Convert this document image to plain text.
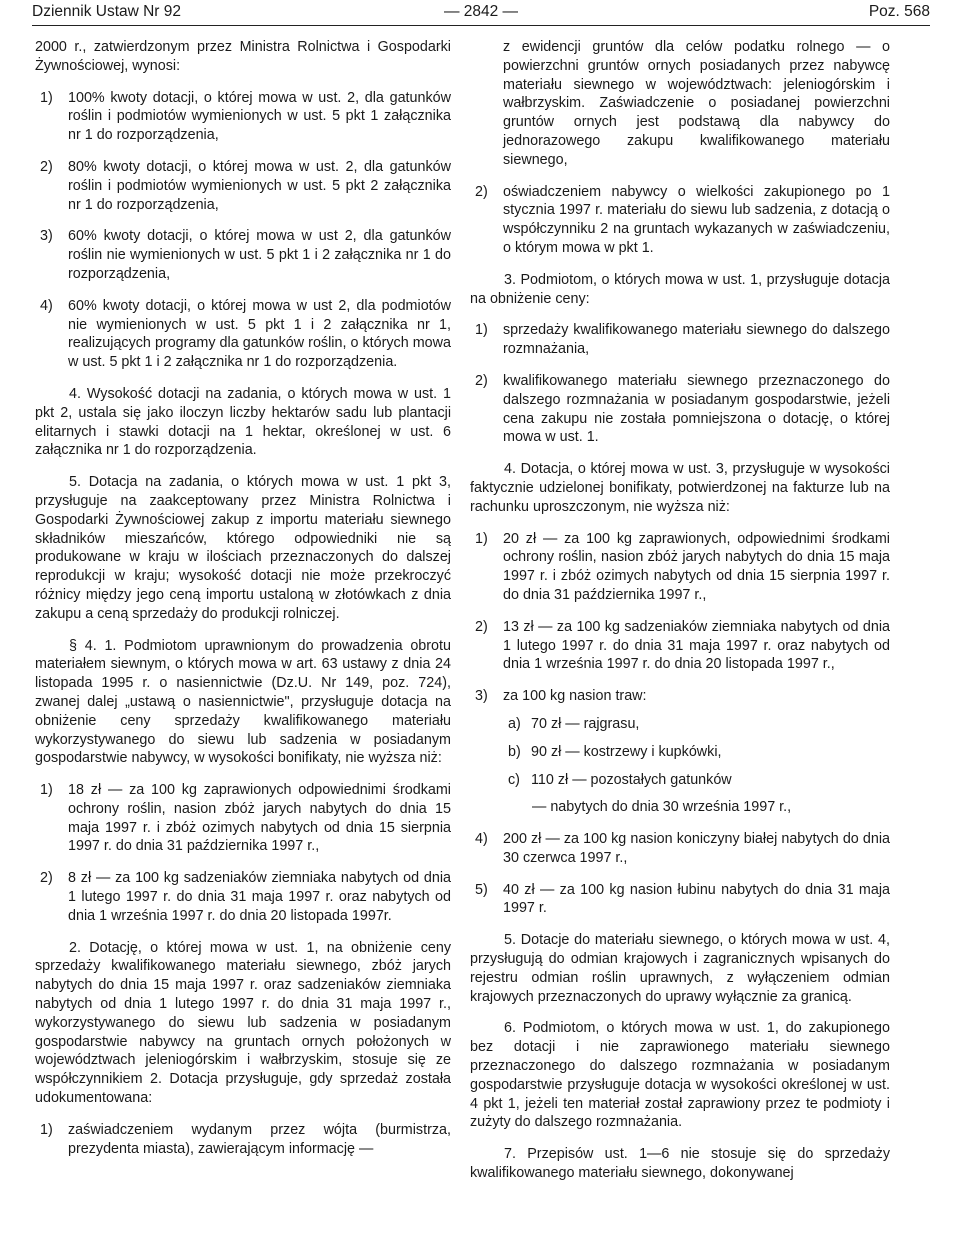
Dziennik Ustaw Nr 92	— 2842 —	Poz. 568

2000 r., zatwierdzonym przez Ministra Rolnictwa i Gospodarki Żywnościowej, wynosi:

1)	100% kwoty dotacji, o której mowa w ust. 2, dla gatunków roślin i podmiotów wymienionych w ust. 5 pkt 1 załącznika nr 1 do rozporządzenia,
2)	80% kwoty dotacji, o której mowa w ust. 2, dla gatunków roślin i podmiotów wymienionych w ust. 5 pkt 2 załącznika nr 1 do rozporządzenia,
3)	60% kwoty dotacji, o której mowa w ust 2, dla gatunków roślin nie wymienionych w ust. 5 pkt 1 i 2 załącznika nr 1 do rozporządzenia,
4)	60% kwoty dotacji, o której mowa w ust 2, dla podmiotów nie wymienionych w ust. 5 pkt 1 i 2 załącznika nr 1, realizujących programy dla gatunków roślin, o których mowa w ust. 5 pkt 1 i 2 załącznika nr 1 do rozporządzenia.

4. Wysokość dotacji na zadania, o których mowa w ust. 1 pkt 2, ustala się jako iloczyn liczby hektarów sadu lub plantacji elitarnych i stawki dotacji na 1 hektar, określonej w ust. 6 załącznika nr 1 do rozporządzenia.

5. Dotacja na zadania, o których mowa w ust. 1 pkt 3, przysługuje na zaakceptowany przez Ministra Rolnictwa i Gospodarki Żywnościowej zakup z importu materiału siewnego składników mieszańców, którego odpowiedniki nie są produkowane w kraju w ilościach przeznaczonych do dalszej reprodukcji w kraju; wysokość dotacji nie może przekroczyć różnicy między jego ceną importu ustaloną w złotówkach z dnia zakupu a ceną sprzedaży do produkcji rolniczej.

§ 4. 1. Podmiotom uprawnionym do prowadzenia obrotu materiałem siewnym, o których mowa w art. 63 ustawy z dnia 24 listopada 1995 r. o nasiennictwie (Dz.U. Nr 149, poz. 724), zwanej dalej „ustawą o nasiennictwie", przysługuje dotacja na obniżenie ceny sprzedaży kwalifikowanego materiału wykorzystywanego do siewu lub sadzenia w posiadanym gospodarstwie nabywcy, w wysokości bonifikaty, nie wyższa niż:

1)	18 zł — za 100 kg zaprawionych odpowiednimi środkami ochrony roślin, nasion zbóż jarych nabytych do dnia 15 maja 1997 r. i zbóż ozimych nabytych od dnia 15 sierpnia 1997 r. do dnia 31 października 1997 r.,
2)	8 zł — za 100 kg sadzeniaków ziemniaka nabytych od dnia 1 lutego 1997 r. do dnia 31 maja 1997 r. oraz nabytych od dnia 1 września 1997 r. do dnia 20 listopada 1997r.

2. Dotację, o której mowa w ust. 1, na obniżenie ceny sprzedaży kwalifikowanego materiału siewnego, zbóż jarych nabytych do dnia 15 maja 1997 r. oraz sadzeniaków ziemniaka nabytych od dnia 1 lutego 1997 r. do dnia 31 maja 1997 r., wykorzystywanego do siewu lub sadzenia w posiadanym gospodarstwie nabywcy na gruntach ornych położonych w województwach jeleniogórskim i wałbrzyskim, stosuje się ze współczynnikiem 2. Dotacja przysługuje, gdy sprzedaż została udokumentowana:

1)	zaświadczeniem wydanym przez wójta (burmistrza, prezydenta miasta), zawierającym informację —

z ewidencji gruntów dla celów podatku rolnego — o powierzchni gruntów ornych posiadanych przez nabywcę materiału siewnego w województwach: jeleniogórskim i wałbrzyskim. Zaświadczenie o posiadanej powierzchni gruntów ornych jest podstawą dla nabywcy do jednorazowego zakupu kwalifikowanego materiału siewnego,

2)	oświadczeniem nabywcy o wielkości zakupionego po 1 stycznia 1997 r. materiału do siewu lub sadzenia, z dotacją o współczynniku 2 na gruntach wykazanych w zaświadczeniu, o którym mowa w pkt 1.

3. Podmiotom, o których mowa w ust. 1, przysługuje dotacja na obniżenie ceny:

1)	sprzedaży kwalifikowanego materiału siewnego do dalszego rozmnażania,
2)	kwalifikowanego materiału siewnego przeznaczonego do dalszego rozmnażania w posiadanym gospodarstwie, jeżeli cena zakupu nie została pomniejszona o dotację, o której mowa w ust. 1.

4. Dotacja, o której mowa w ust. 3, przysługuje w wysokości faktycznie udzielonej bonifikaty, potwierdzonej na fakturze lub na rachunku uproszczonym, nie wyższa niż:

1)	20 zł — za 100 kg zaprawionych, odpowiednimi środkami ochrony roślin, nasion zbóż jarych nabytych do dnia 15 maja 1997 r. i zbóż ozimych nabytych od dnia 15 sierpnia 1997 r. do dnia 31 października 1997 r.,
2)	13 zł — za 100 kg sadzeniaków ziemniaka nabytych od dnia 1 lutego 1997 r. do dnia 31 maja 1997 r. oraz nabytych od dnia 1 września 1997 r. do dnia 20 listopada 1997 r.,
3)	za 100 kg nasion traw:
a) 70 zł — rajgrasu,
b) 90 zł — kostrzewy i kupkówki,
c) 110 zł — pozostałych gatunków
— nabytych do dnia 30 września 1997 r.,
4)	200 zł — za 100 kg nasion koniczyny białej nabytych do dnia 30 czerwca 1997 r.,
5)	40 zł — za 100 kg nasion łubinu nabytych do dnia 31 maja 1997 r.

5. Dotacje do materiału siewnego, o których mowa w ust. 4, przysługują do odmian krajowych i zagranicznych wpisanych do rejestru odmian roślin uprawnych, z wyłączeniem odmian krajowych przeznaczonych do uprawy wyłącznie za granicą.

6. Podmiotom, o których mowa w ust. 1, do zakupionego bez dotacji i nie zaprawionego materiału siewnego przeznaczonego do dalszego rozmnażania w posiadanym gospodarstwie przysługuje dotacja w wysokości określonej w ust. 4 pkt 1, jeżeli ten materiał został zaprawiony przez te podmioty i zużyty do dalszego rozmnażania.

7. Przepisów ust. 1—6 nie stosuje się do sprzedaży kwalifikowanego materiału siewnego, dokonywanej
